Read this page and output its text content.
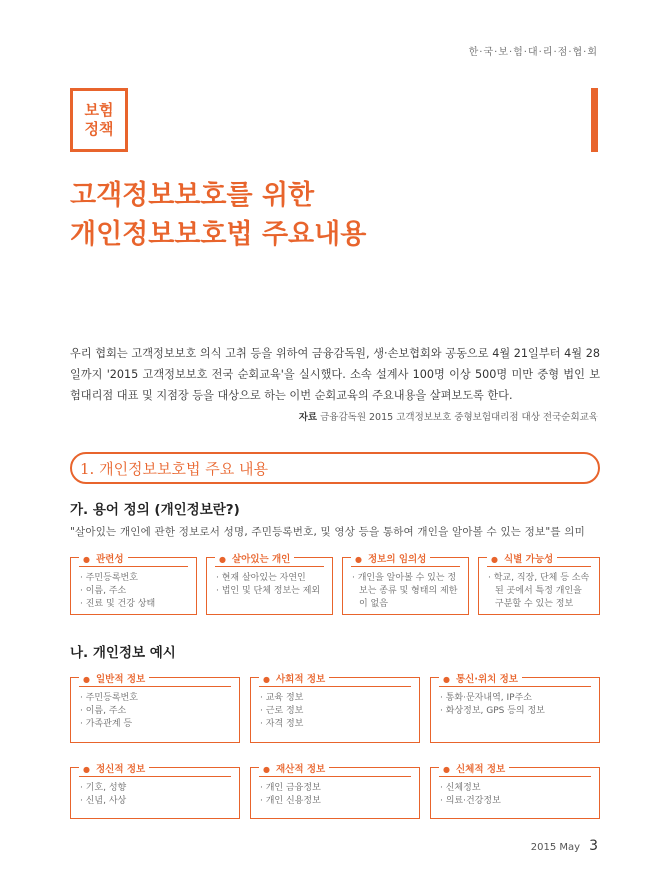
한·국·보·험·대·리·점·협·회
보험
정책
고객정보보호를 위한
개인정보보호법 주요내용

우리 협회는 고객정보보호 의식 고취 등을 위하여 금융감독원, 생·손보협회와 공동으로 4월 21일부터 4월 28일까지 '2015 고객정보보호 전국 순회교육'을 실시했다. 소속 설계사 100명 이상 500명 미만 중형 법인 보험대리점 대표 및 지점장 등을 대상으로 하는 이번 순회교육의 주요내용을 살펴보도록 한다.

자료 금융감독원 2015 고객정보보호 중형보험대리점 대상 전국순회교육
1. 개인정보보호법 주요 내용
가. 용어 정의 (개인정보란?)
"살아있는 개인에 관한 정보로서 성명, 주민등록번호, 및 영상 등을 통하여 개인을 알아볼 수 있는 정보"를 의미
● 관련성
· 주민등록번호
· 이름, 주소
· 진료 및 건강 상태
● 살아있는 개인
· 현재 살아있는 자연인
· 법인 및 단체 정보는 제외
● 정보의 임의성
· 개인을 알아볼 수 있는 정보는 종류 및 형태의 제한이 없음
● 식별 가능성
· 학교, 직장, 단체 등 소속된 곳에서 특정 개인을 구분할 수 있는 정보
나. 개인정보 예시
● 일반적 정보
· 주민등록번호
· 이름, 주소
· 가족관계 등
● 사회적 정보
· 교육 정보
· 근로 정보
· 자격 정보
● 통신·위치 정보
· 통화·문자내역, IP주소
· 화상정보, GPS 등의 정보
● 정신적 정보
· 기호, 성향
· 신념, 사상
● 재산적 정보
· 개인 금융정보
· 개인 신용정보
● 신체적 정보
· 신체정보
· 의료·건강정보
2015 May 3
